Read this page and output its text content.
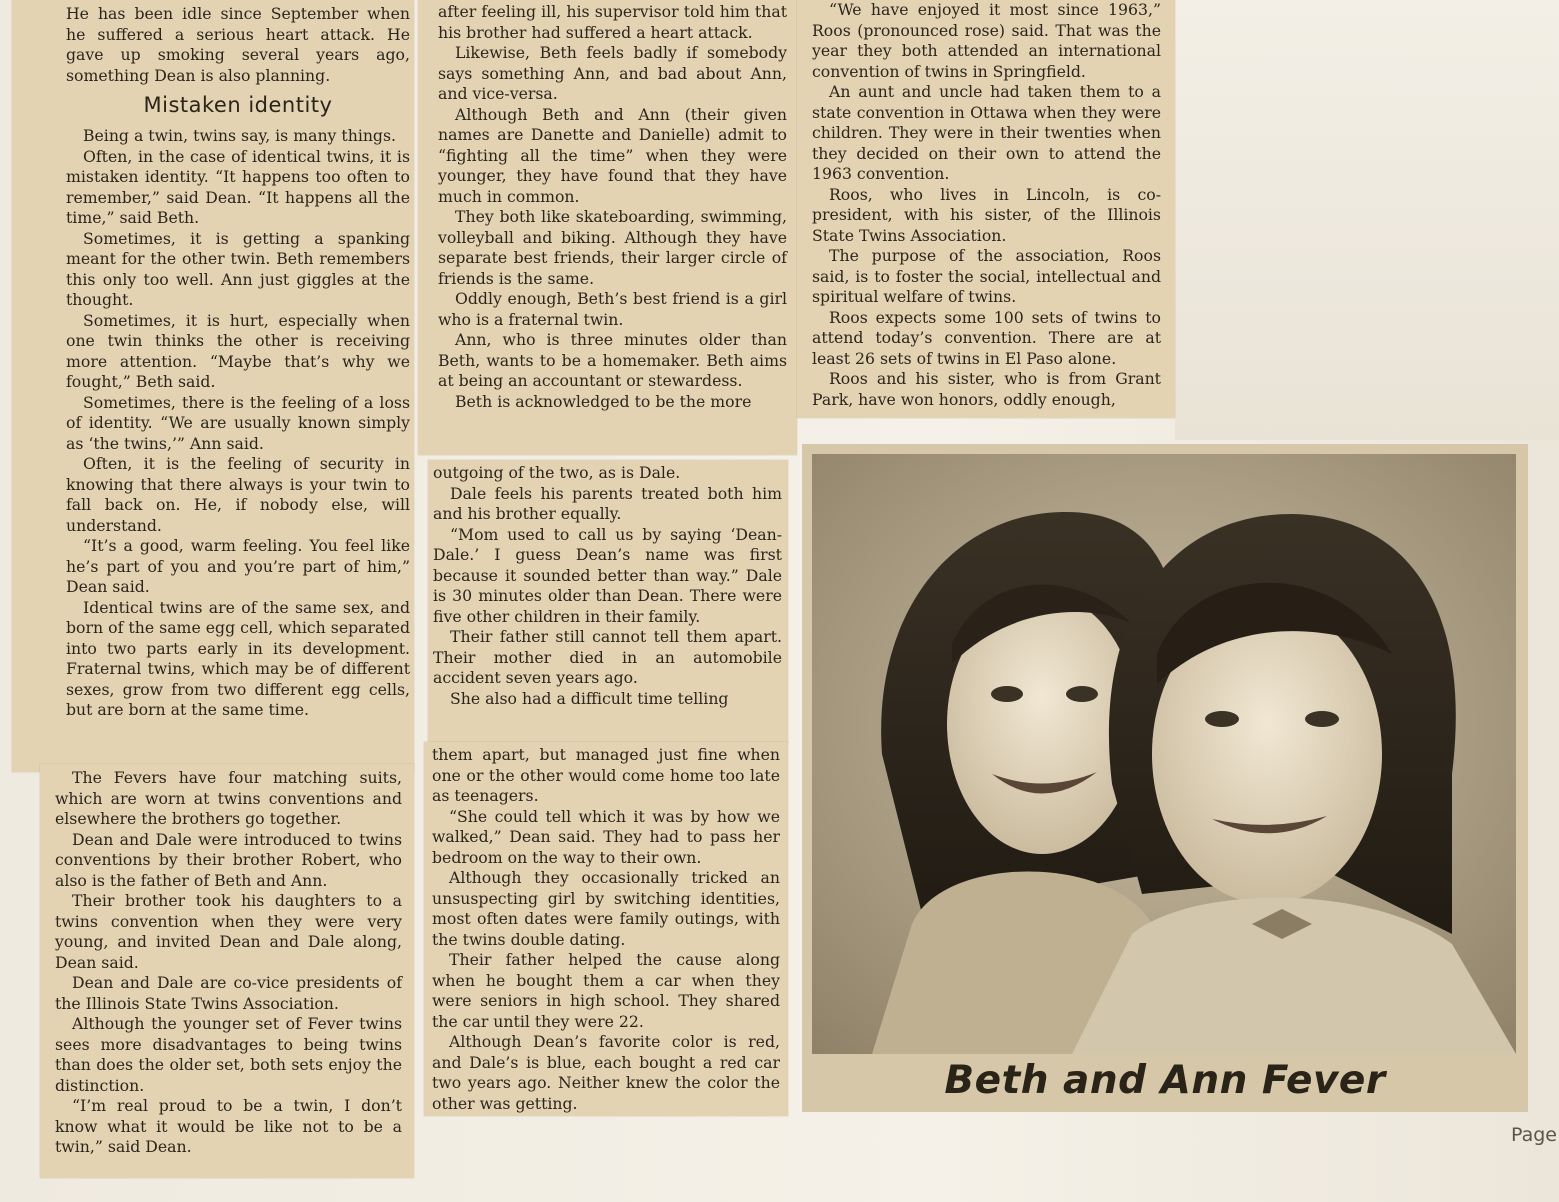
He has been idle since September when he suffered a serious heart attack. He gave up smoking several years ago, something Dean is also planning.

Mistaken identity

Being a twin, twins say, is many things.

Often, in the case of identical twins, it is mistaken identity. “It happens too often to remember,” said Dean. “It happens all the time,” said Beth.

Sometimes, it is getting a spanking meant for the other twin. Beth remembers this only too well. Ann just giggles at the thought.

Sometimes, it is hurt, especially when one twin thinks the other is receiving more attention. “Maybe that’s why we fought,” Beth said.

Sometimes, there is the feeling of a loss of identity. “We are usually known simply as ‘the twins,’” Ann said.

Often, it is the feeling of security in knowing that there always is your twin to fall back on. He, if nobody else, will understand.

“It’s a good, warm feeling. You feel like he’s part of you and you’re part of him,” Dean said.

Identical twins are of the same sex, and born of the same egg cell, which separated into two parts early in its development. Fraternal twins, which may be of different sexes, grow from two different egg cells, but are born at the same time.

The Fevers have four matching suits, which are worn at twins conventions and elsewhere the brothers go together.

Dean and Dale were introduced to twins conventions by their brother Robert, who also is the father of Beth and Ann.

Their brother took his daughters to a twins convention when they were very young, and invited Dean and Dale along, Dean said.

Dean and Dale are co-vice presidents of the Illinois State Twins Association.

Although the younger set of Fever twins sees more disadvantages to being twins than does the older set, both sets enjoy the distinction.

“I’m real proud to be a twin, I don’t know what it would be like not to be a twin,” said Dean.

after feeling ill, his supervisor told him that his brother had suffered a heart attack.

Likewise, Beth feels badly if somebody says something Ann, and bad about Ann, and vice-versa.

Although Beth and Ann (their given names are Danette and Danielle) admit to “fighting all the time” when they were younger, they have found that they have much in common.

They both like skateboarding, swimming, volleyball and biking. Although they have separate best friends, their larger circle of friends is the same.

Oddly enough, Beth’s best friend is a girl who is a fraternal twin.

Ann, who is three minutes older than Beth, wants to be a homemaker. Beth aims at being an accountant or stewardess.

Beth is acknowledged to be the more

outgoing of the two, as is Dale.

Dale feels his parents treated both him and his brother equally.

“Mom used to call us by saying ‘Dean-Dale.’ I guess Dean’s name was first because it sounded better than way.” Dale is 30 minutes older than Dean. There were five other children in their family.

Their father still cannot tell them apart. Their mother died in an automobile accident seven years ago.

She also had a difficult time telling

them apart, but managed just fine when one or the other would come home too late as teenagers.

“She could tell which it was by how we walked,” Dean said. They had to pass her bedroom on the way to their own.

Although they occasionally tricked an unsuspecting girl by switching identities, most often dates were family outings, with the twins double dating.

Their father helped the cause along when he bought them a car when they were seniors in high school. They shared the car until they were 22.

Although Dean’s favorite color is red, and Dale’s is blue, each bought a red car two years ago. Neither knew the color the other was getting.

“We have enjoyed it most since 1963,” Roos (pronounced rose) said. That was the year they both attended an international convention of twins in Springfield.

An aunt and uncle had taken them to a state convention in Ottawa when they were children. They were in their twenties when they decided on their own to attend the 1963 convention.

Roos, who lives in Lincoln, is co-president, with his sister, of the Illinois State Twins Association.

The purpose of the association, Roos said, is to foster the social, intellectual and spiritual welfare of twins.

Roos expects some 100 sets of twins to attend today’s convention. There are at least 26 sets of twins in El Paso alone.

Roos and his sister, who is from Grant Park, have won honors, oddly enough,

Beth and Ann Fever
Page
